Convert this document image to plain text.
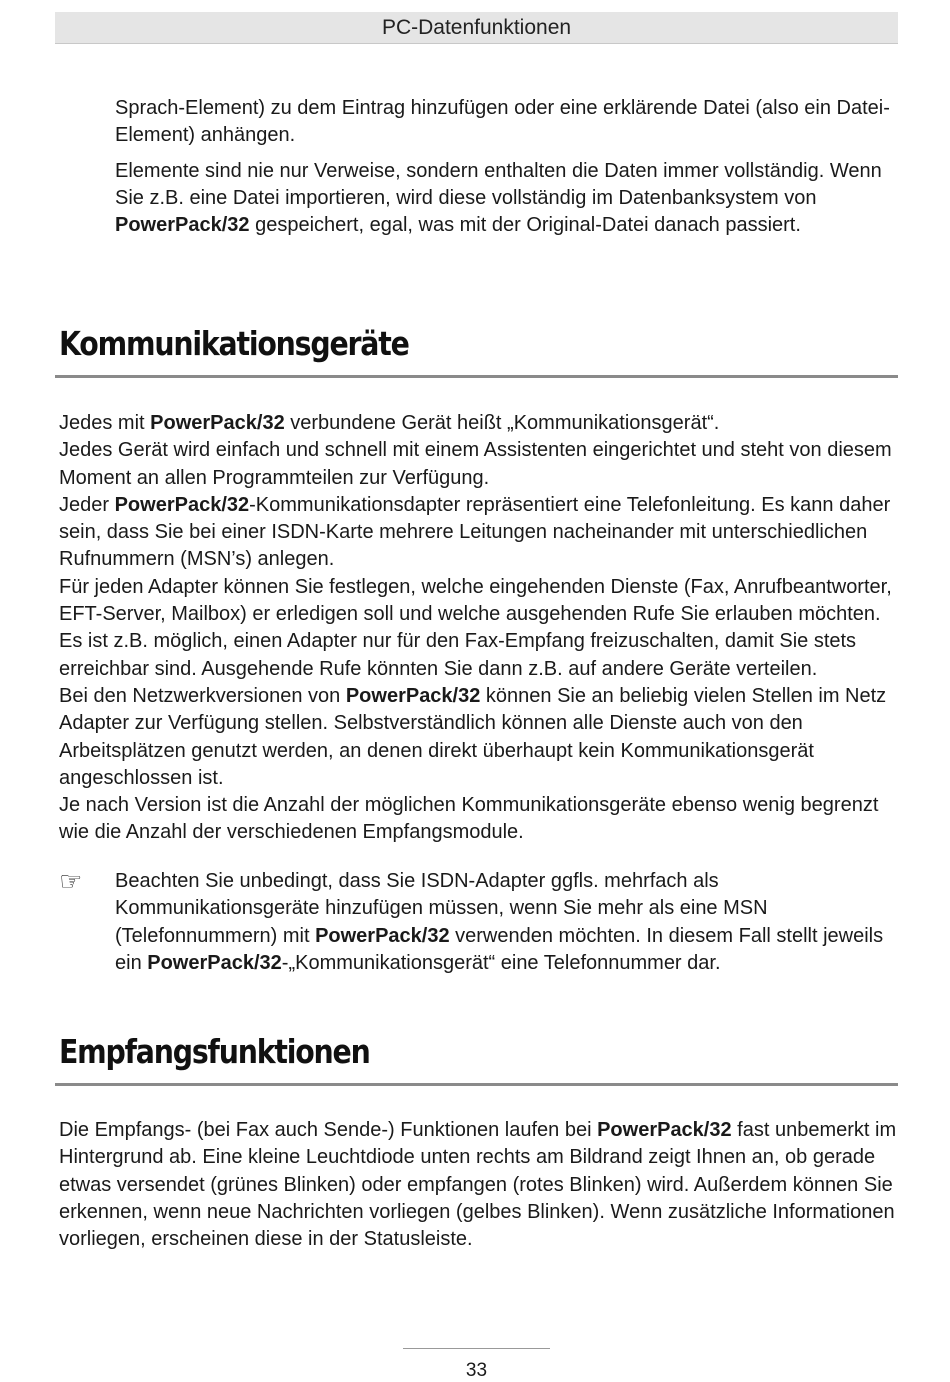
PC-Datenfunktionen

Sprach-Element) zu dem Eintrag hinzufügen oder eine erklärende Datei (also ein Datei-Element) anhängen.

Elemente sind nie nur Verweise, sondern enthalten die Daten immer vollständig. Wenn Sie z.B. eine Datei importieren, wird diese vollständig im Datenbanksystem von PowerPack/32 gespeichert, egal, was mit der Original-Datei danach passiert.

Kommunikationsgeräte

Jedes mit PowerPack/32 verbundene Gerät heißt „Kommunikationsgerät“.

Jedes Gerät wird einfach und schnell mit einem Assistenten eingerichtet und steht von diesem Moment an allen Programmteilen zur Verfügung.

Jeder PowerPack/32-Kommunikationsdapter repräsentiert eine Telefonleitung. Es kann daher sein, dass Sie bei einer ISDN-Karte mehrere Leitungen nacheinander mit unterschiedlichen Rufnummern (MSN’s) anlegen.

Für jeden Adapter können Sie festlegen, welche eingehenden Dienste (Fax, Anrufbeantworter, EFT-Server, Mailbox) er erledigen soll und welche ausgehenden Rufe Sie erlauben möchten. Es ist z.B. möglich, einen Adapter nur für den Fax-Empfang freizuschalten, damit Sie stets erreichbar sind. Ausgehende Rufe könnten Sie dann z.B. auf andere Geräte verteilen.

Bei den Netzwerkversionen von PowerPack/32 können Sie an beliebig vielen Stellen im Netz Adapter zur Verfügung stellen. Selbstverständlich können alle Dienste auch von den Arbeitsplätzen genutzt werden, an denen direkt überhaupt kein Kommunikationsgerät angeschlossen ist.

Je nach Version ist die Anzahl der möglichen Kommunikationsgeräte ebenso wenig begrenzt wie die Anzahl der verschiedenen Empfangsmodule.

☞ Beachten Sie unbedingt, dass Sie ISDN-Adapter ggfls. mehrfach als Kommunikationsgeräte hinzufügen müssen, wenn Sie mehr als eine MSN (Telefonnummern) mit PowerPack/32 verwenden möchten. In diesem Fall stellt jeweils ein PowerPack/32-„Kommunikationsgerät“ eine Telefonnummer dar.

Empfangsfunktionen

Die Empfangs- (bei Fax auch Sende-) Funktionen laufen bei PowerPack/32 fast unbemerkt im Hintergrund ab. Eine kleine Leuchtdiode unten rechts am Bildrand zeigt Ihnen an, ob gerade etwas versendet (grünes Blinken) oder empfangen (rotes Blinken) wird. Außerdem können Sie erkennen, wenn neue Nachrichten vorliegen (gelbes Blinken). Wenn zusätzliche Informationen vorliegen, erscheinen diese in der Statusleiste.

33
